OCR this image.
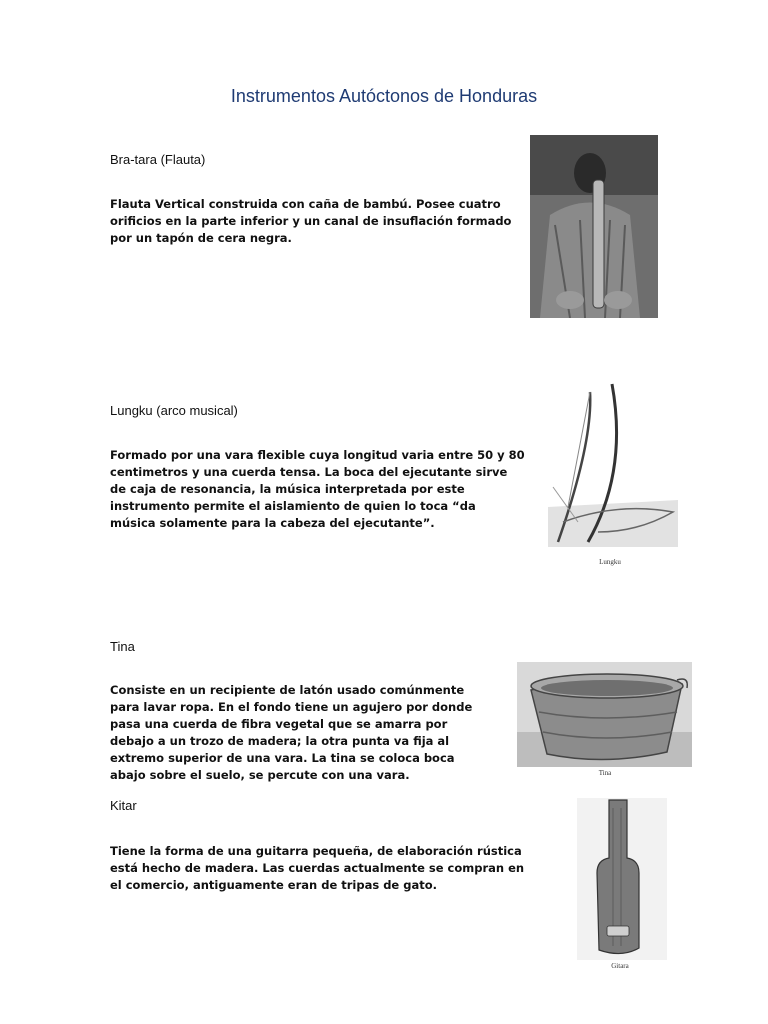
Instrumentos Autóctonos de Honduras
Bra-tara (Flauta)
Flauta Vertical construida con caña de bambú. Posee cuatro orificios en la parte inferior y un canal de insuflación formado por un tapón de cera negra.
Lungku (arco musical)
Formado por una vara flexible cuya longitud varia entre 50 y 80 centimetros y una cuerda tensa. La boca del ejecutante sirve de caja de resonancia, la música interpretada por este instrumento permite el aislamiento de quien lo toca “da música solamente para la cabeza del ejecutante”.
Lungku
Tina
Consiste en un recipiente de latón usado comúnmente para lavar ropa. En el fondo tiene un agujero por donde pasa una cuerda de fibra vegetal que se amarra por debajo a un trozo de madera; la otra punta va fija al extremo superior de una vara. La tina se coloca boca abajo sobre el suelo, se percute con una vara.	Tina
Kitar
Tiene la forma de una guitarra pequeña, de elaboración rústica está hecho de madera. Las cuerdas actualmente se compran en el comercio, antiguamente eran de tripas de gato.
Gitara
